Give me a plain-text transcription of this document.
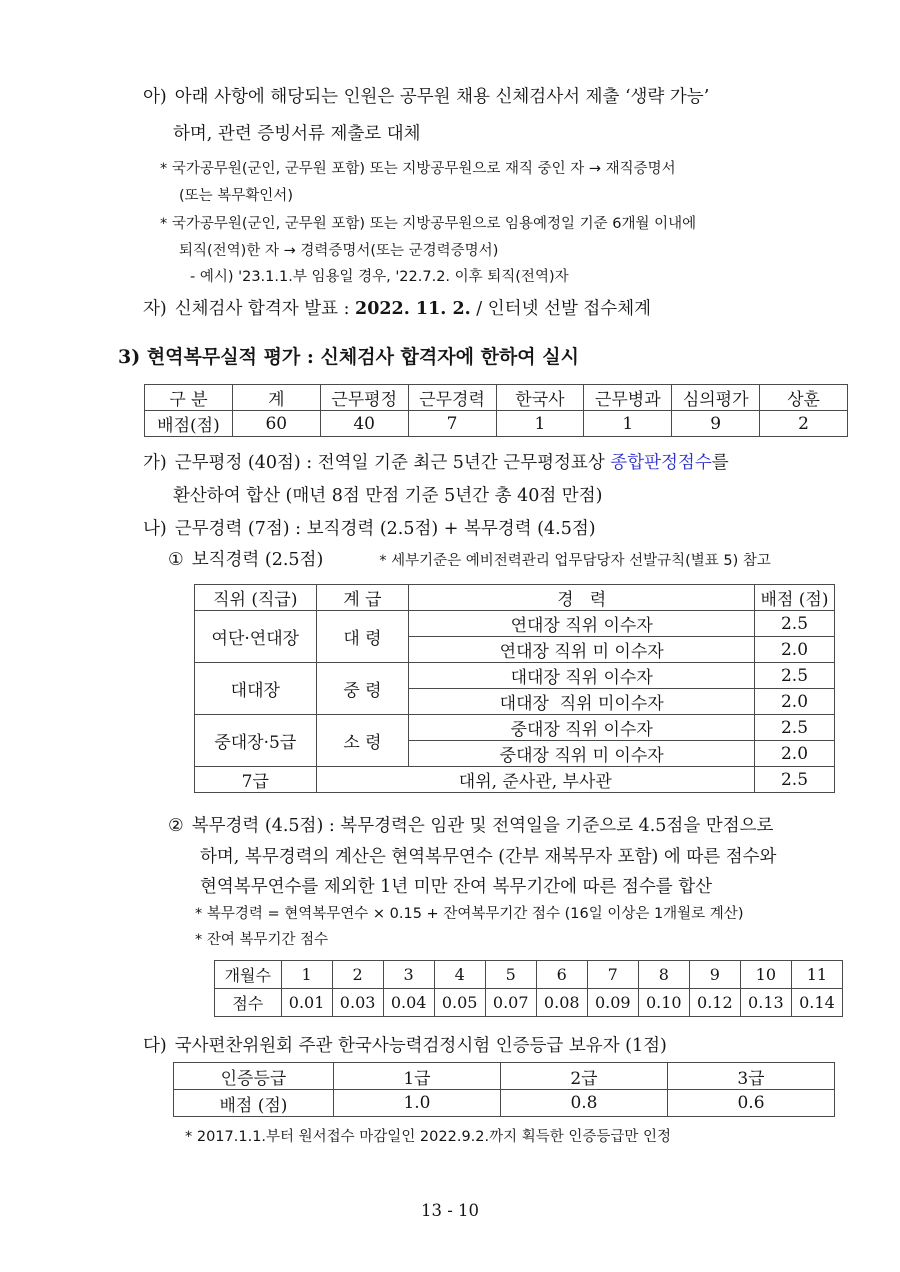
아) 아래 사항에 해당되는 인원은 공무원 채용 신체검사서 제출 ‘생략 가능’
하며, 관련 증빙서류 제출로 대체
* 국가공무원(군인, 군무원 포함) 또는 지방공무원으로 재직 중인 자 → 재직증명서
(또는 복무확인서)
* 국가공무원(군인, 군무원 포함) 또는 지방공무원으로 임용예정일 기준 6개월 이내에
퇴직(전역)한 자 → 경력증명서(또는 군경력증명서)
- 예시) '23.1.1.부 임용일 경우, '22.7.2. 이후 퇴직(전역)자
자) 신체검사 합격자 발표 : 2022. 11. 2. / 인터넷 선발 접수체계
3) 현역복무실적 평가 : 신체검사 합격자에 한하여 실시
구 분	계	근무평정	근무경력	한국사	근무병과	심의평가	상훈
배점(점)	60	40	7	1	1	9	2
가) 근무평정 (40점) : 전역일 기준 최근 5년간 근무평정표상 종합판정점수를
환산하여 합산 (매년 8점 만점 기준 5년간 총 40점 만점)
나) 근무경력 (7점) : 보직경력 (2.5점) + 복무경력 (4.5점)
① 보직경력 (2.5점)	* 세부기준은 예비전력관리 업무담당자 선발규칙(별표 5) 참고
직위 (직급)	계 급	경   력	배점 (점)
여단·연대장	대 령	연대장 직위 이수자	2.5
		연대장 직위 미 이수자	2.0
대대장	중 령	대대장 직위 이수자	2.5
		대대장  직위 미이수자	2.0
중대장·5급	소 령	중대장 직위 이수자	2.5
		중대장 직위 미 이수자	2.0
7급	대위, 준사관, 부사관		2.5
② 복무경력 (4.5점) : 복무경력은 임관 및 전역일을 기준으로 4.5점을 만점으로
하며, 복무경력의 계산은 현역복무연수 (간부 재복무자 포함) 에 따른 점수와
현역복무연수를 제외한 1년 미만 잔여 복무기간에 따른 점수를 합산
* 복무경력 = 현역복무연수 × 0.15 + 잔여복무기간 점수 (16일 이상은 1개월로 계산)
* 잔여 복무기간 점수
개월수	1	2	3	4	5	6	7	8	9	10	11
점수	0.01	0.03	0.04	0.05	0.07	0.08	0.09	0.10	0.12	0.13	0.14
다) 국사편찬위원회 주관 한국사능력검정시험 인증등급 보유자 (1점)
인증등급	1급	2급	3급
배점 (점)	1.0	0.8	0.6
* 2017.1.1.부터 원서접수 마감일인 2022.9.2.까지 획득한 인증등급만 인정
13 - 10
